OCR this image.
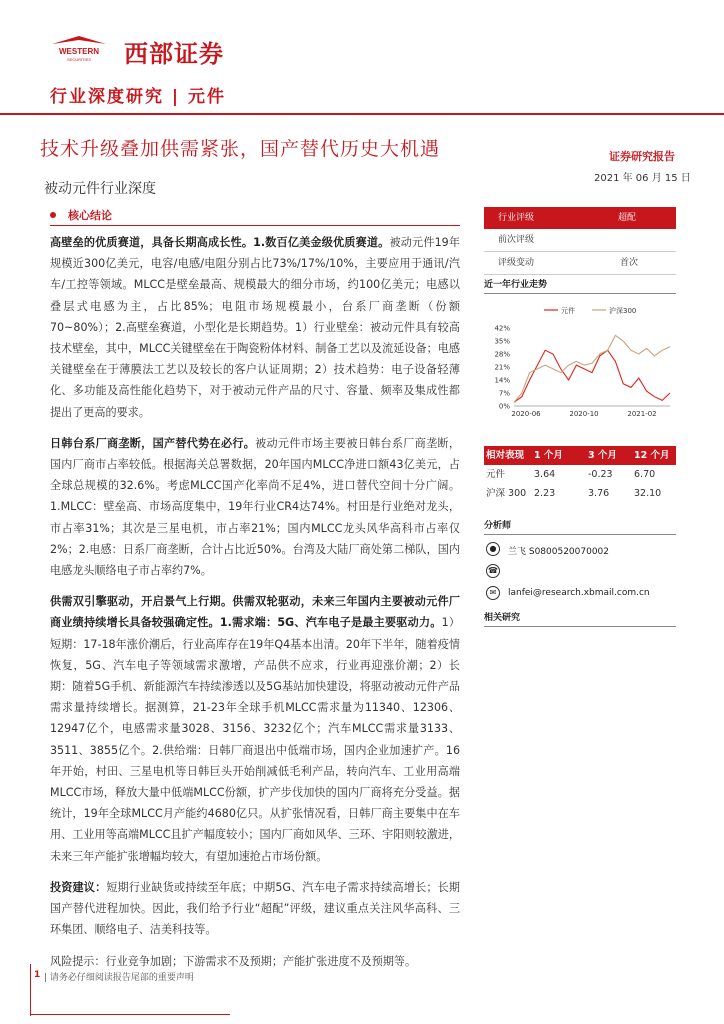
WESTERN
SECURITIES 西部证券
行业深度研究 | 元件
技术升级叠加供需紧张，国产替代历史大机遇
被动元件行业深度
证券研究报告
2021 年 06 月 15 日
核心结论

高壁垒的优质赛道，具备长期高成长性。1.数百亿美金级优质赛道。被动元件19年规模近300亿美元，电容/电感/电阻分别占比73%/17%/10%，主要应用于通讯/汽车/工控等领域。MLCC是壁垒最高、规模最大的细分市场，约100亿美元；电感以叠层式电感为主，占比85%；电阻市场规模最小，台系厂商垄断（份额70~80%）；2.高壁垒赛道，小型化是长期趋势。1）行业壁垒：被动元件具有较高技术壁垒，其中，MLCC关键壁垒在于陶瓷粉体材料、制备工艺以及流延设备；电感关键壁垒在于薄膜法工艺以及较长的客户认证周期；2）技术趋势：电子设备轻薄化、多功能及高性能化趋势下，对于被动元件产品的尺寸、容量、频率及集成性都提出了更高的要求。

日韩台系厂商垄断，国产替代势在必行。被动元件市场主要被日韩台系厂商垄断，国内厂商市占率较低。根据海关总署数据，20年国内MLCC净进口额43亿美元，占全球总规模的32.6%。考虑MLCC国产化率尚不足4%，进口替代空间十分广阔。1.MLCC：壁垒高、市场高度集中，19年行业CR4达74%。村田是行业绝对龙头，市占率31%；其次是三星电机，市占率21%；国内MLCC龙头风华高科市占率仅2%；2.电感：日系厂商垄断，合计占比近50%。台湾及大陆厂商处第二梯队，国内电感龙头顺络电子市占率约7%。

供需双引擎驱动，开启景气上行期。供需双轮驱动，未来三年国内主要被动元件厂商业绩持续增长具备较强确定性。1.需求端：5G、汽车电子是最主要驱动力。1）短期：17-18年涨价潮后，行业高库存在19年Q4基本出清。20年下半年，随着疫情恢复，5G、汽车电子等领域需求激增，产品供不应求，行业再迎涨价潮；2）长期：随着5G手机、新能源汽车持续渗透以及5G基站加快建设，将驱动被动元件产品需求量持续增长。据测算，21-23年全球手机MLCC需求量为11340、12306、12947亿个，电感需求量3028、3156、3232亿个；汽车MLCC需求量3133、3511、3855亿个。2.供给端：日韩厂商退出中低端市场，国内企业加速扩产。16年开始，村田、三星电机等日韩巨头开始削减低毛利产品，转向汽车、工业用高端MLCC市场，释放大量中低端MLCC份额，扩产步伐加快的国内厂商将充分受益。据统计，19年全球MLCC月产能约4680亿只。从扩张情况看，日韩厂商主要集中在车用、工业用等高端MLCC且扩产幅度较小；国内厂商如风华、三环、宇阳则较激进，未来三年产能扩张增幅均较大，有望加速抢占市场份额。

投资建议：短期行业缺货或持续至年底；中期5G、汽车电子需求持续高增长；长期国产替代进程加快。因此，我们给予行业“超配”评级，建议重点关注风华高科、三环集团、顺络电子、洁美科技等。

风险提示：行业竞争加剧；下游需求不及预期；产能扩张进度不及预期等。

行业评级	超配
前次评级
评级变动	首次
近一年行业走势
元件	沪深300
42%
35%
28%
21%
14%
7%
0%
2020-06	2020-10	2021-02
相对表现 1 个月	3 个月 12 个月
元件	3.64	-0.23 6.70
沪深 300 2.23	3.76	32.10
分析师
●	兰飞 S0800520070002
☎
✉	lanfei@research.xbmail.com.cn
相关研究
1 | 请务必仔细阅读报告尾部的重要声明
